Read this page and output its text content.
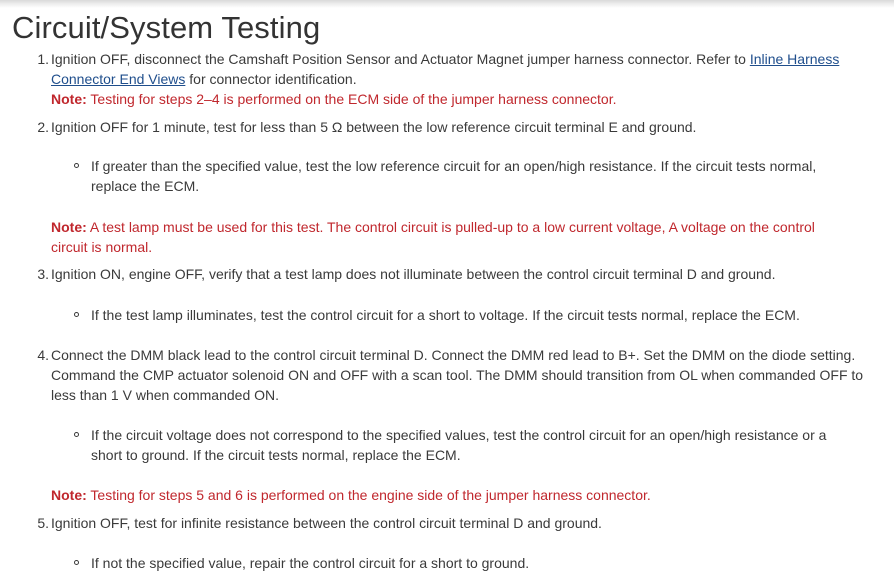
Circuit/System Testing
1. Ignition OFF, disconnect the Camshaft Position Sensor and Actuator Magnet jumper harness connector. Refer to Inline Harness
Connector End Views for connector identification.
Note: Testing for steps 2–4 is performed on the ECM side of the jumper harness connector.
2. Ignition OFF for 1 minute, test for less than 5 Ω between the low reference circuit terminal E and ground.
If greater than the specified value, test the low reference circuit for an open/high resistance. If the circuit tests normal,
replace the ECM.
Note: A test lamp must be used for this test. The control circuit is pulled-up to a low current voltage, A voltage on the control
circuit is normal.
3. Ignition ON, engine OFF, verify that a test lamp does not illuminate between the control circuit terminal D and ground.
If the test lamp illuminates, test the control circuit for a short to voltage. If the circuit tests normal, replace the ECM.
4. Connect the DMM black lead to the control circuit terminal D. Connect the DMM red lead to B+. Set the DMM on the diode setting.
Command the CMP actuator solenoid ON and OFF with a scan tool. The DMM should transition from OL when commanded OFF to
less than 1 V when commanded ON.
If the circuit voltage does not correspond to the specified values, test the control circuit for an open/high resistance or a
short to ground. If the circuit tests normal, replace the ECM.
Note: Testing for steps 5 and 6 is performed on the engine side of the jumper harness connector.
5. Ignition OFF, test for infinite resistance between the control circuit terminal D and ground.
If not the specified value, repair the control circuit for a short to ground.
